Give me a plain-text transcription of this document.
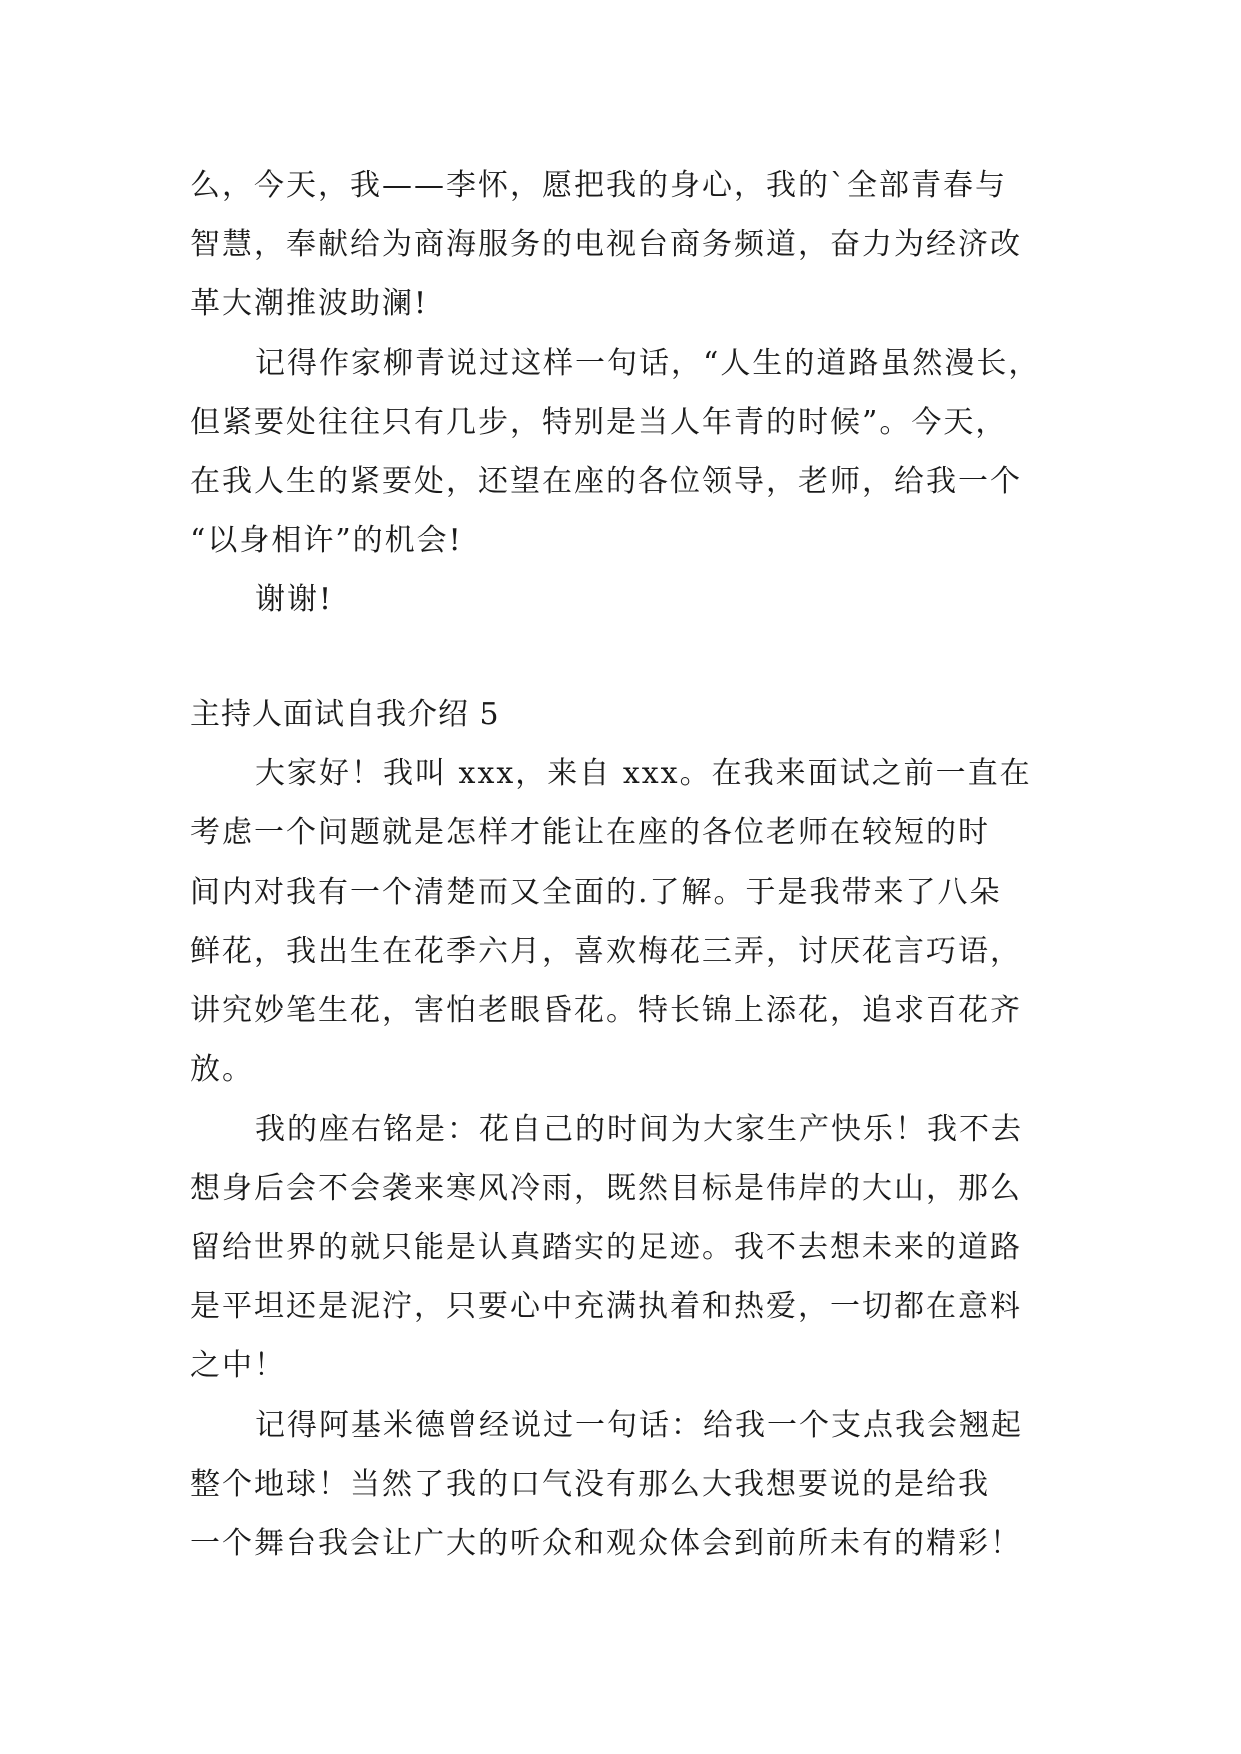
么，今天，我——李怀，愿把我的身心，我的`全部青春与
智慧，奉献给为商海服务的电视台商务频道，奋力为经济改
革大潮推波助澜!
记得作家柳青说过这样一句话，“人生的道路虽然漫长，
但紧要处往往只有几步，特别是当人年青的时候”。今天，
在我人生的紧要处，还望在座的各位领导，老师，给我一个
“以身相许”的机会!
谢谢!
主持人面试自我介绍 5
大家好！我叫 xxx，来自 xxx。在我来面试之前一直在
考虑一个问题就是怎样才能让在座的各位老师在较短的时
间内对我有一个清楚而又全面的.了解。于是我带来了八朵
鲜花，我出生在花季六月，喜欢梅花三弄，讨厌花言巧语，
讲究妙笔生花，害怕老眼昏花。特长锦上添花，追求百花齐
放。
我的座右铭是：花自己的时间为大家生产快乐！我不去
想身后会不会袭来寒风冷雨，既然目标是伟岸的大山，那么
留给世界的就只能是认真踏实的足迹。我不去想未来的道路
是平坦还是泥泞，只要心中充满执着和热爱，一切都在意料
之中！
记得阿基米德曾经说过一句话：给我一个支点我会翘起
整个地球！当然了我的口气没有那么大我想要说的是给我
一个舞台我会让广大的听众和观众体会到前所未有的精彩！
